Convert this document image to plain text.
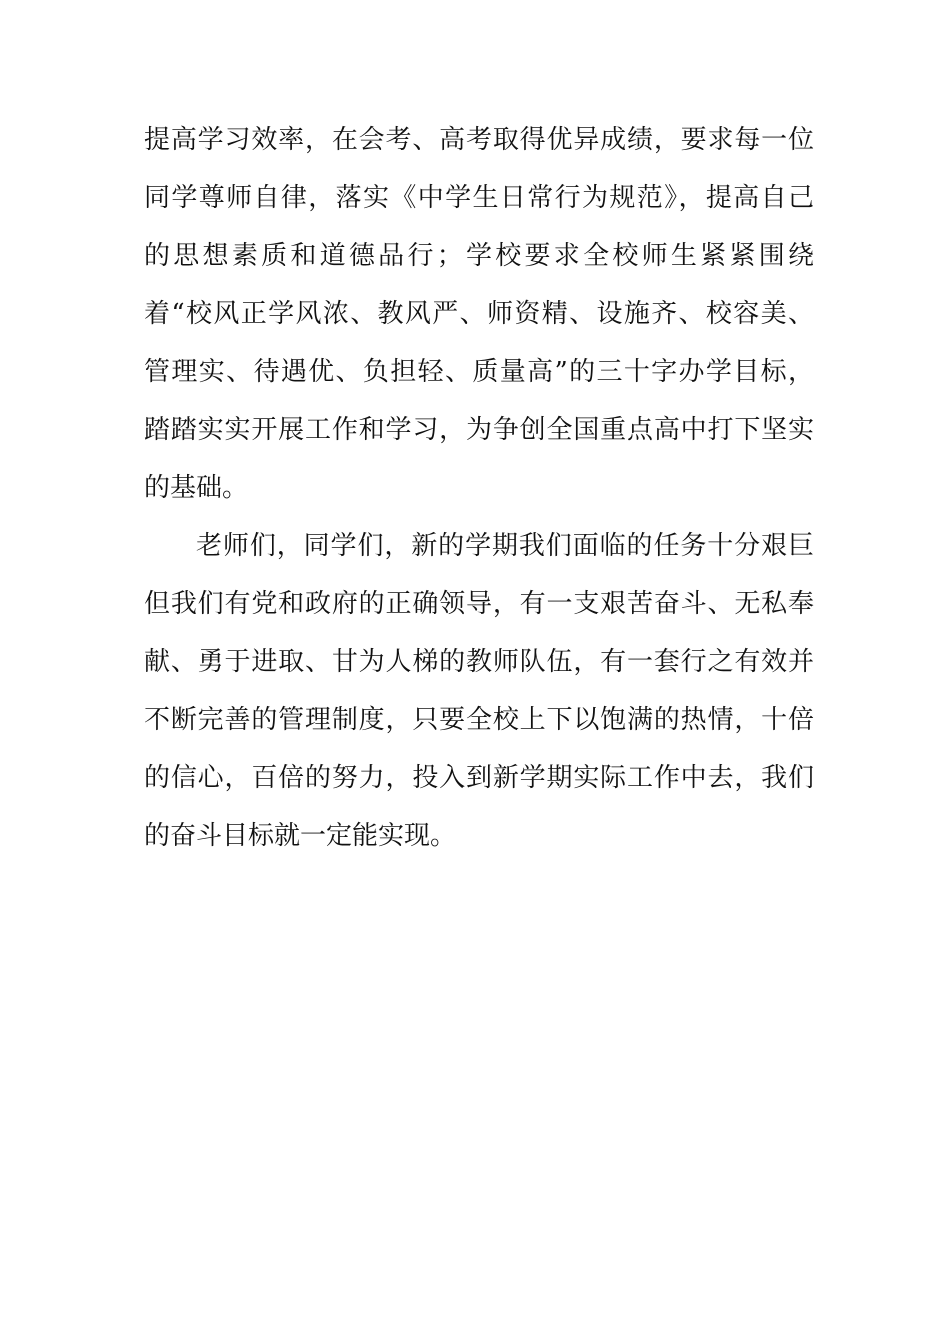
提高学习效率，在会考、高考取得优异成绩，要求每一位
同学尊师自律，落实《中学生日常行为规范》，提高自己
的思想素质和道德品行；学校要求全校师生紧紧围绕
着“校风正学风浓、教风严、师资精、设施齐、校容美、
管理实、待遇优、负担轻、质量高”的三十字办学目标，
踏踏实实开展工作和学习，为争创全国重点高中打下坚实
的基础。
老师们，同学们，新的学期我们面临的任务十分艰巨
但我们有党和政府的正确领导，有一支艰苦奋斗、无私奉
献、勇于进取、甘为人梯的教师队伍，有一套行之有效并
不断完善的管理制度，只要全校上下以饱满的热情，十倍
的信心，百倍的努力，投入到新学期实际工作中去，我们
的奋斗目标就一定能实现。
